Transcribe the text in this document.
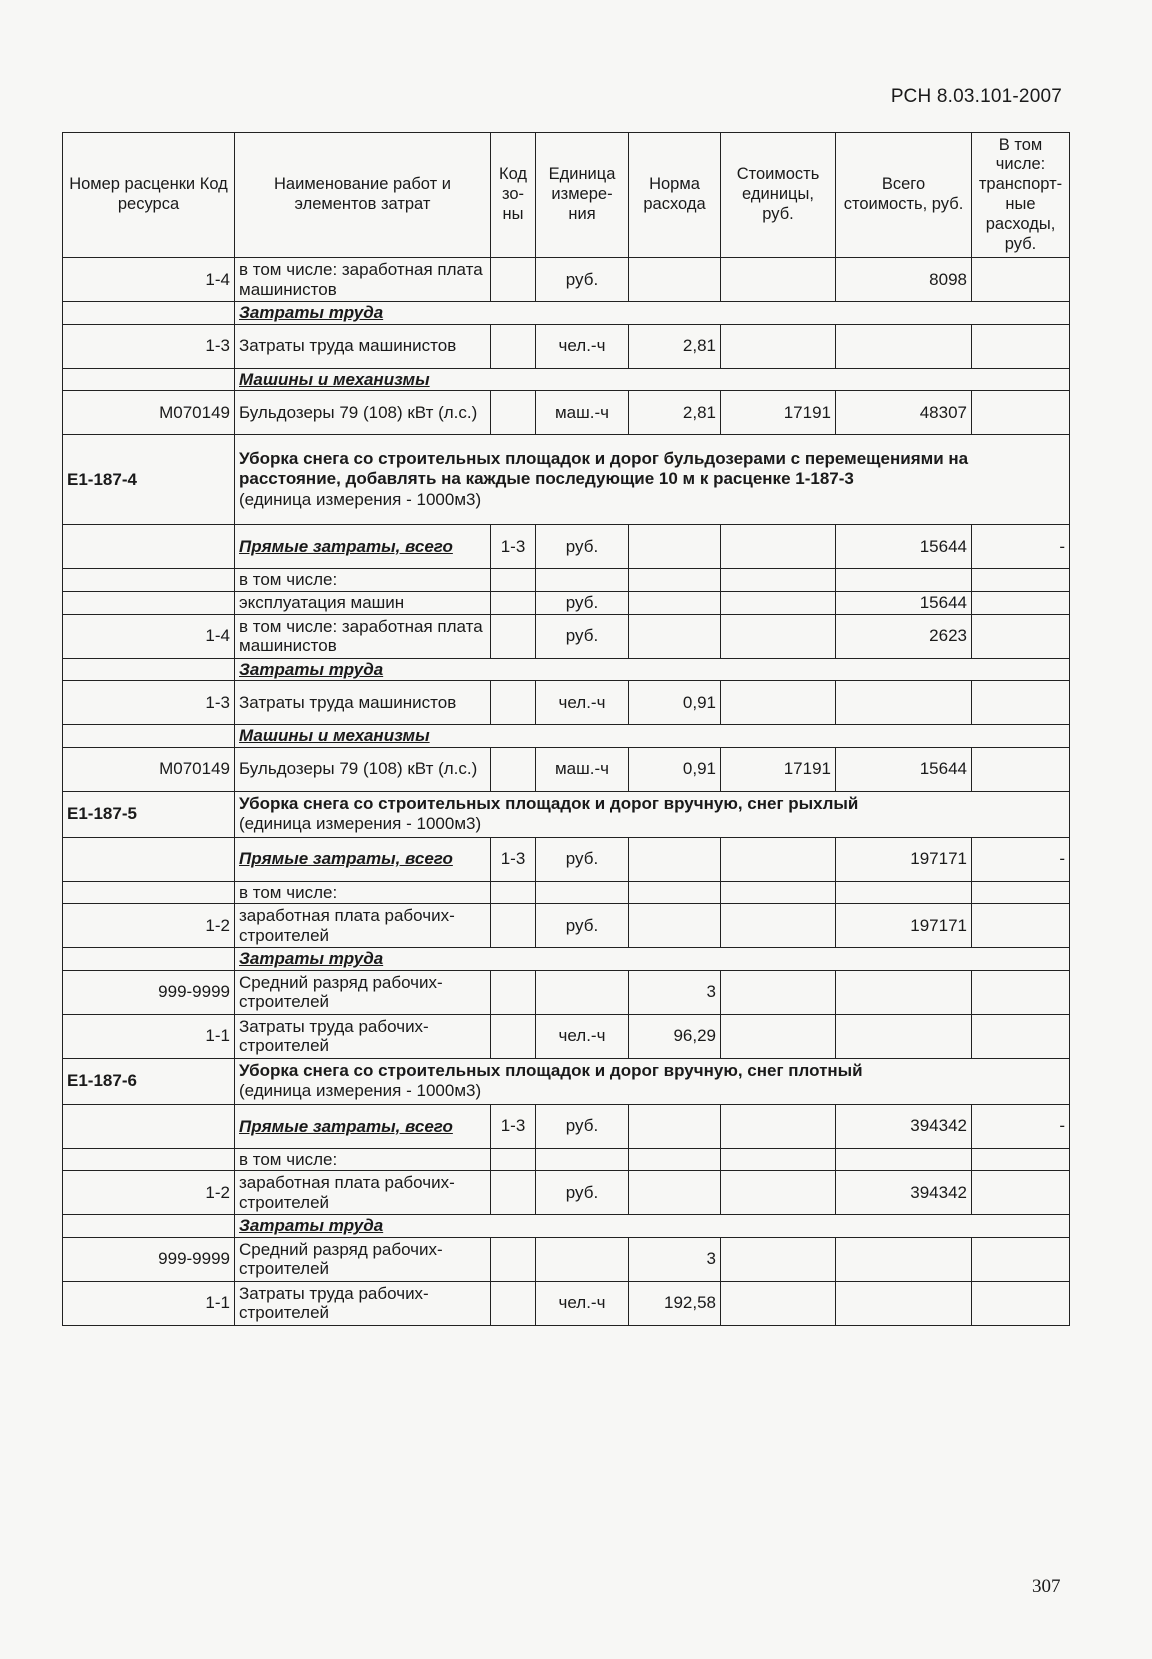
РСН 8.03.101-2007
Номер расценки Код ресурса	Наименование работ и элементов затрат	Код зо-ны	Единица измере-ния	Норма расхода	Стоимость единицы, руб.	Всего стоимость, руб.	В том числе: транспорт-ные расходы, руб.
1-4	в том числе: заработная плата машинистов		руб.			8098	
	Затраты труда						
1-3	Затраты труда машинистов		чел.-ч	2,81			
	Машины и механизмы						
М070149	Бульдозеры 79 (108) кВт (л.с.)		маш.-ч	2,81	17191	48307	
Е1-187-4	Уборка снега со строительных площадок и дорог бульдозерами с перемещениями на расстояние, добавлять на каждые последующие 10 м к расценке 1-187-3
(единица измерения - 1000м3)						
	Прямые затраты, всего	1-3	руб.			15644	-
	в том числе:						
	эксплуатация машин		руб.			15644	
1-4	в том числе: заработная плата машинистов		руб.			2623	
	Затраты труда						
1-3	Затраты труда машинистов		чел.-ч	0,91			
	Машины и механизмы						
М070149	Бульдозеры 79 (108) кВт (л.с.)		маш.-ч	0,91	17191	15644	
Е1-187-5	Уборка снега со строительных площадок и дорог вручную, снег рыхлый
(единица измерения - 1000м3)						
	Прямые затраты, всего	1-3	руб.			197171	-
	в том числе:						
1-2	заработная плата рабочих-строителей		руб.			197171	
	Затраты труда						
999-9999	Средний разряд рабочих-строителей			3			
1-1	Затраты труда рабочих-строителей		чел.-ч	96,29			
Е1-187-6	Уборка снега со строительных площадок и дорог вручную, снег плотный
(единица измерения - 1000м3)						
	Прямые затраты, всего	1-3	руб.			394342	-
	в том числе:						
1-2	заработная плата рабочих-строителей		руб.			394342	
	Затраты труда						
999-9999	Средний разряд рабочих-строителей			3			
1-1	Затраты труда рабочих-строителей		чел.-ч	192,58			
307
